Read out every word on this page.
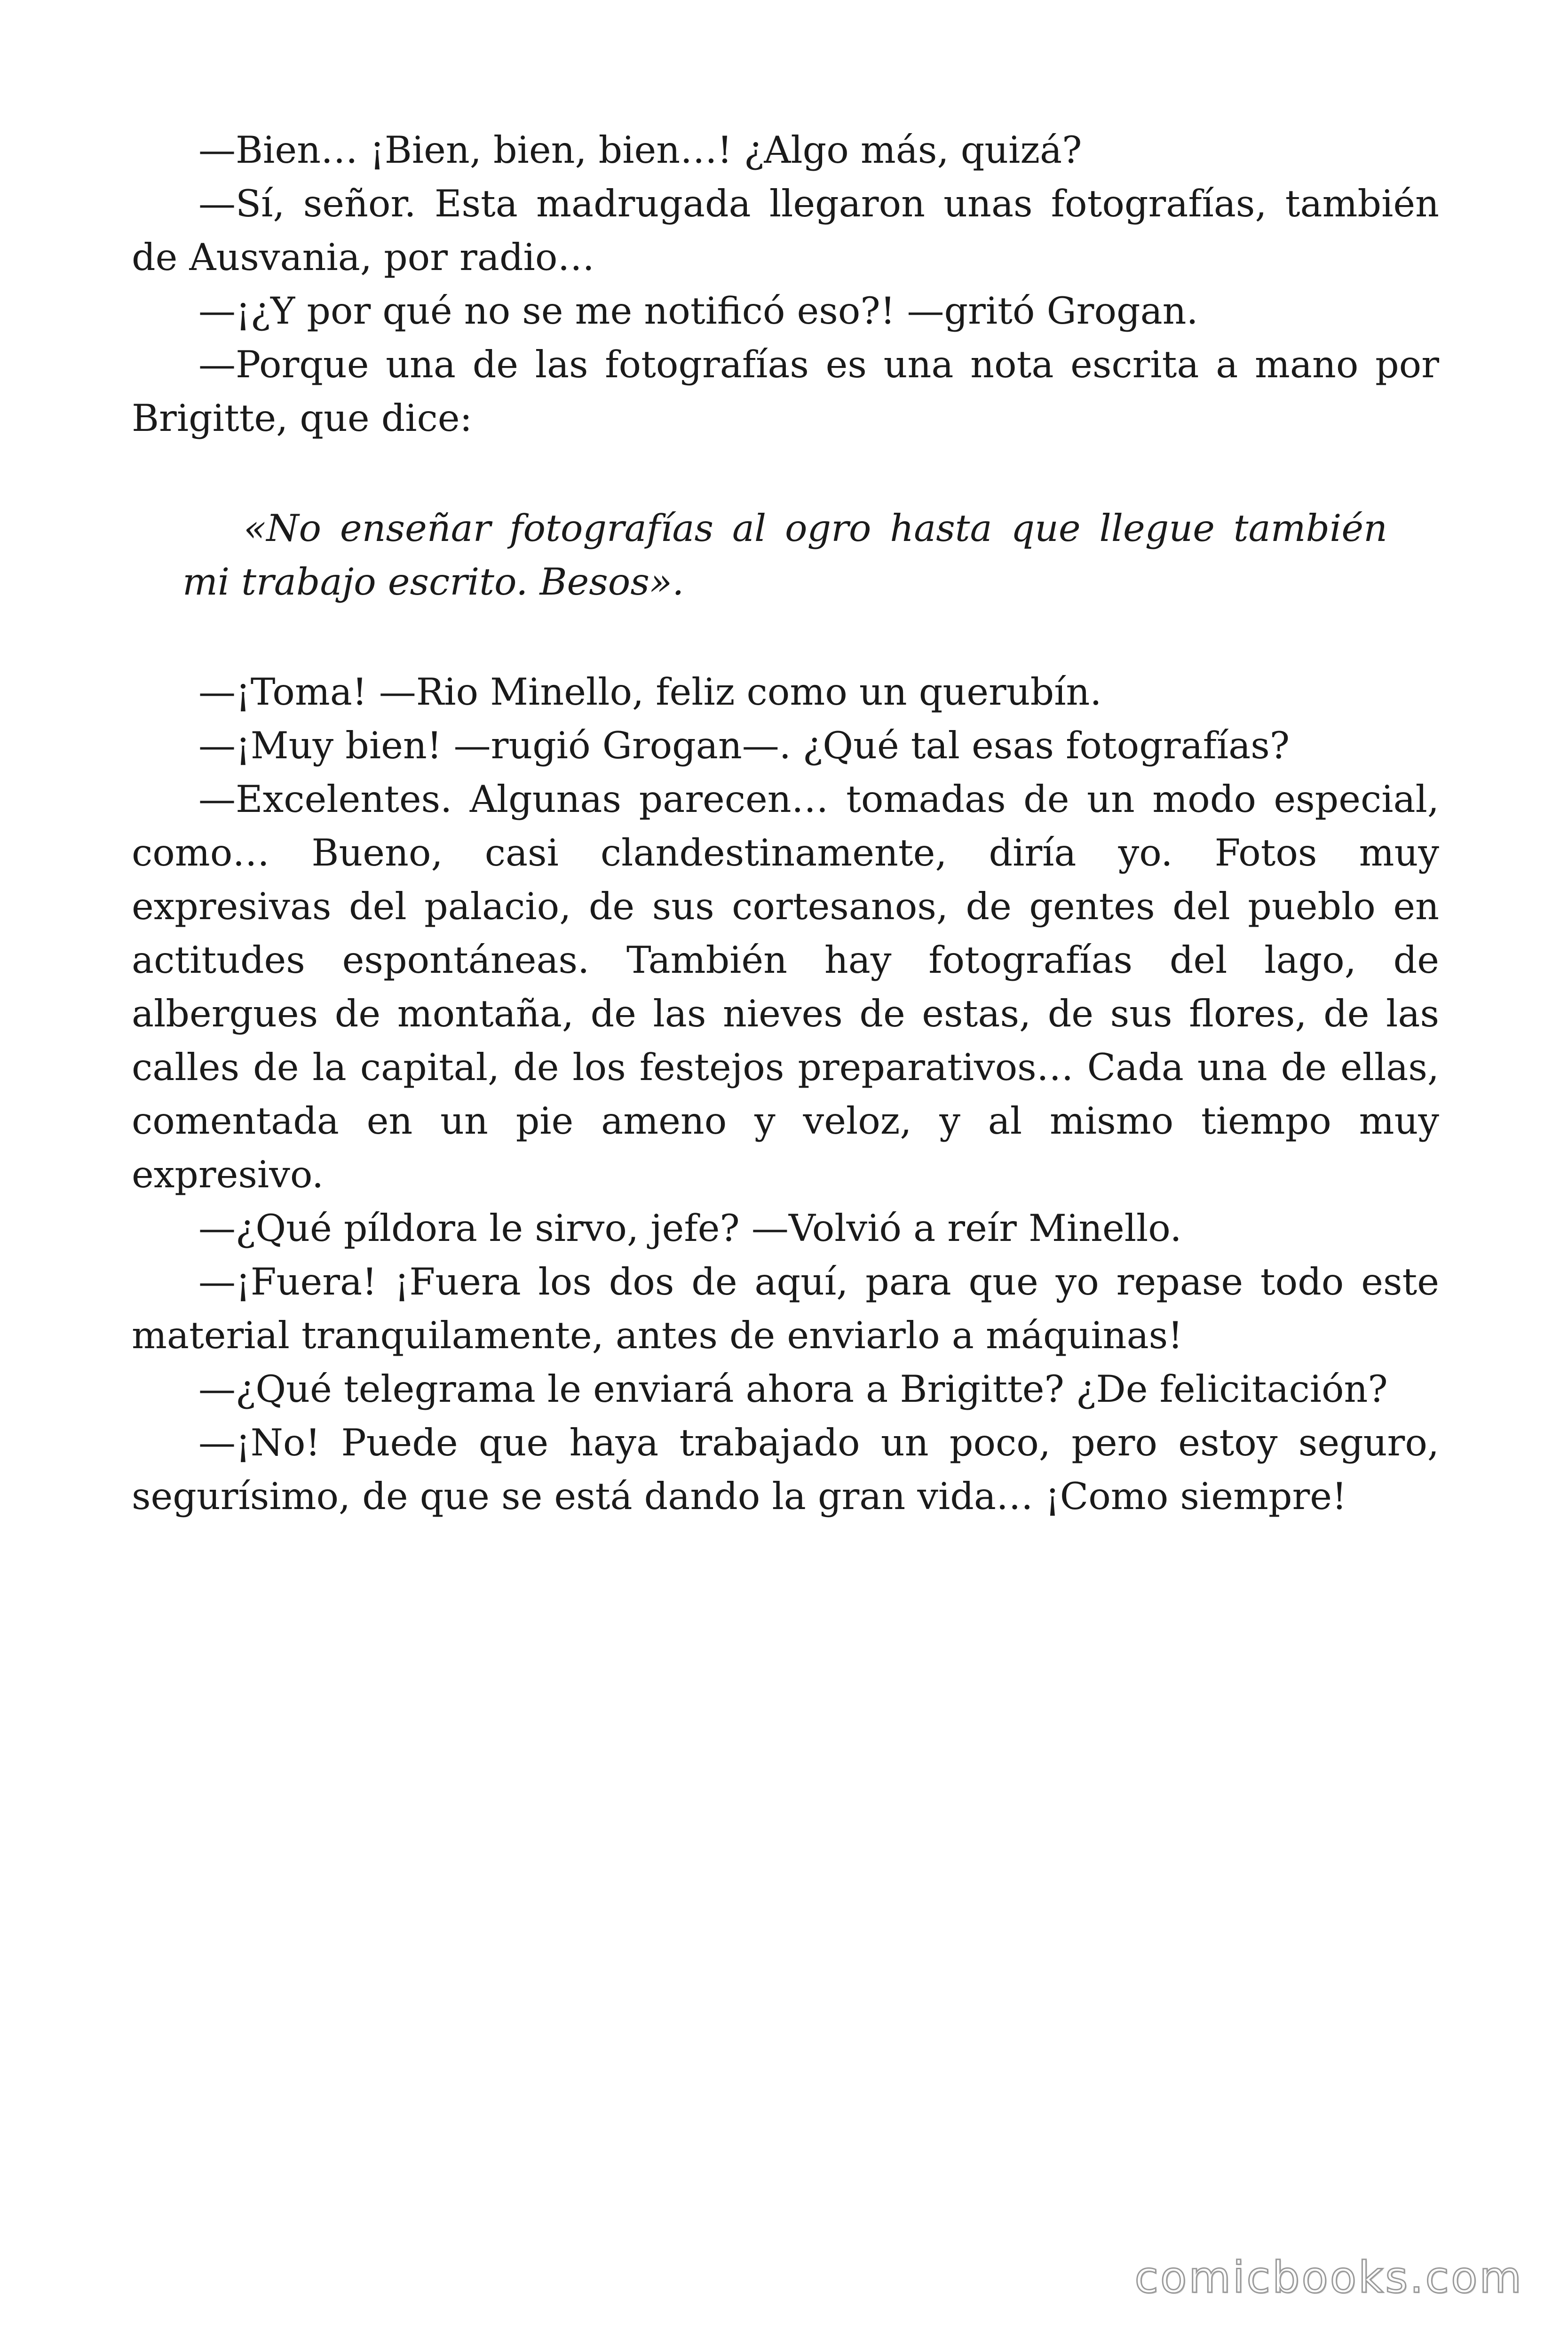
—Bien… ¡Bien, bien, bien…! ¿Algo más, quizá?

—Sí, señor. Esta madrugada llegaron unas fotografías, también de Ausvania, por radio…

—¡¿Y por qué no se me notificó eso?! —gritó Grogan.

—Porque una de las fotografías es una nota escrita a mano por Brigitte, que dice:

«No enseñar fotografías al ogro hasta que llegue también mi trabajo escrito. Besos».

—¡Toma! —Rio Minello, feliz como un querubín.

—¡Muy bien! —rugió Grogan—. ¿Qué tal esas fotografías?

—Excelentes. Algunas parecen… tomadas de un modo especial, como… Bueno, casi clandestinamente, diría yo. Fotos muy expresivas del palacio, de sus cortesanos, de gentes del pueblo en actitudes espontáneas. También hay fotografías del lago, de albergues de montaña, de las nieves de estas, de sus flores, de las calles de la capital, de los festejos preparativos… Cada una de ellas, comentada en un pie ameno y veloz, y al mismo tiempo muy expresivo.

—¿Qué píldora le sirvo, jefe? —Volvió a reír Minello.

—¡Fuera! ¡Fuera los dos de aquí, para que yo repase todo este material tranquilamente, antes de enviarlo a máquinas!

—¿Qué telegrama le enviará ahora a Brigitte? ¿De felicitación?

—¡No! Puede que haya trabajado un poco, pero estoy seguro, segurísimo, de que se está dando la gran vida… ¡Como siempre!

comicbooks.com
